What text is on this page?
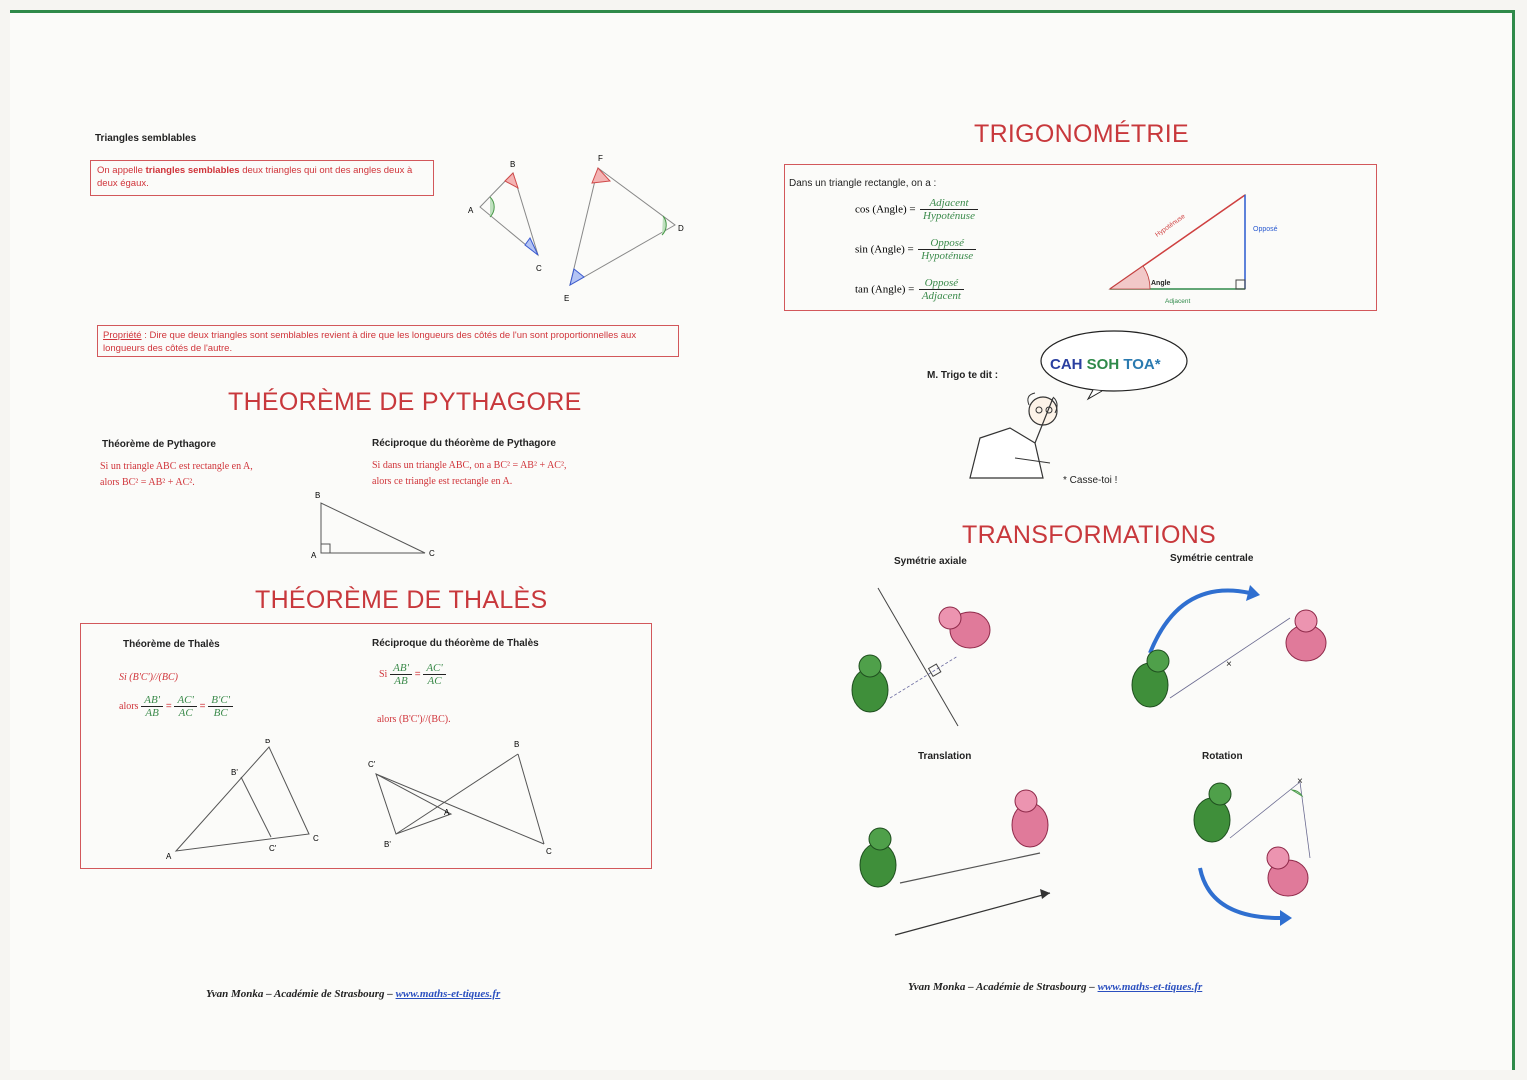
Triangles semblables
On appelle triangles semblables deux triangles qui ont des angles deux à deux égaux.
A
B
C
D
E
F
Propriété : Dire que deux triangles sont semblables revient à dire que les longueurs des côtés de l'un sont proportionnelles aux longueurs des côtés de l'autre.
THÉORÈME DE PYTHAGORE
Théorème de Pythagore
Si un triangle ABC est rectangle en A,
alors BC² = AB² + AC².
Réciproque du théorème de Pythagore
Si dans un triangle ABC, on a BC² = AB² + AC²,
alors ce triangle est rectangle en A.
A
B
C
THÉORÈME DE THALÈS
Théorème de Thalès
Si (B'C')//(BC)
alors $\frac{AB'}{AB} = \frac{AC'}{AC} = \frac{B'C'}{BC}$
Réciproque du théorème de Thalès
Si $\frac{AB'}{AB} = \frac{AC'}{AC}$
alors (B'C')//(BC).
A
B
C
B'
C'
A
B
C
B'
C'
Yvan Monka – Académie de Strasbourg – www.maths-et-tiques.fr
TRIGONOMÉTRIE
Dans un triangle rectangle, on a :
cos (Angle) = $\frac{\text{Adjacent}}{\text{Hypoténuse}}$
sin (Angle) = $\frac{\text{Opposé}}{\text{Hypoténuse}}$
tan (Angle) = $\frac{\text{Opposé}}{\text{Adjacent}}$
Hypoténuse	Opposé
Angle
Adjacent
M. Trigo te dit :
CAH SOH TOA*
* Casse-toi !
TRANSFORMATIONS
Symétrie axiale	Symétrie centrale
Translation	Rotation
×
×
Yvan Monka – Académie de Strasbourg – www.maths-et-tiques.fr
